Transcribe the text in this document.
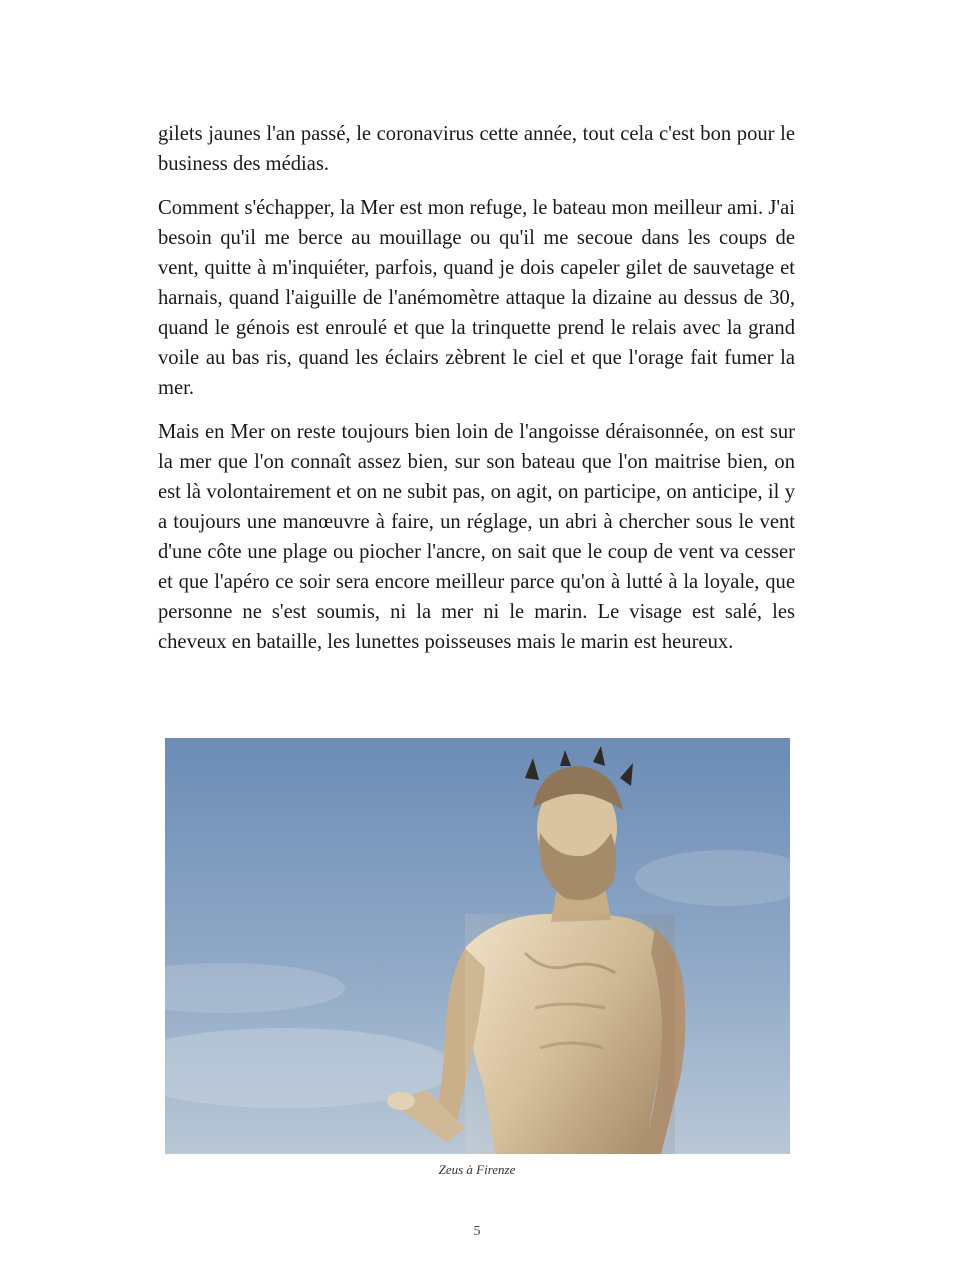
gilets jaunes l'an passé, le coronavirus cette année, tout cela c'est bon pour le business des médias.

Comment s'échapper, la Mer est mon refuge, le bateau mon meilleur ami. J'ai besoin qu'il me berce au mouillage ou qu'il me secoue dans les coups de vent, quitte à m'inquiéter, parfois, quand je dois capeler gilet de sauvetage et harnais, quand l'aiguille de l'anémomètre attaque la dizaine au dessus de 30, quand le génois est enroulé et que la trinquette prend le relais avec la grand voile au bas ris, quand les éclairs zèbrent le ciel et que l'orage fait fumer la mer.

Mais en Mer on reste toujours bien loin de l'angoisse déraisonnée, on est sur la mer que l'on connaît assez bien, sur son bateau que l'on maitrise bien, on est là volontairement et on ne subit pas, on agit, on participe, on anticipe, il y a toujours une manœuvre à faire, un réglage, un abri à chercher sous le vent d'une côte une plage ou piocher l'ancre, on sait que le coup de vent va cesser et que l'apéro ce soir sera encore meilleur parce qu'on à lutté à la loyale, que personne ne s'est soumis, ni la mer ni le marin. Le visage est salé, les cheveux en bataille, les lunettes poisseuses mais le marin est heureux.

Zeus à Firenze
5
